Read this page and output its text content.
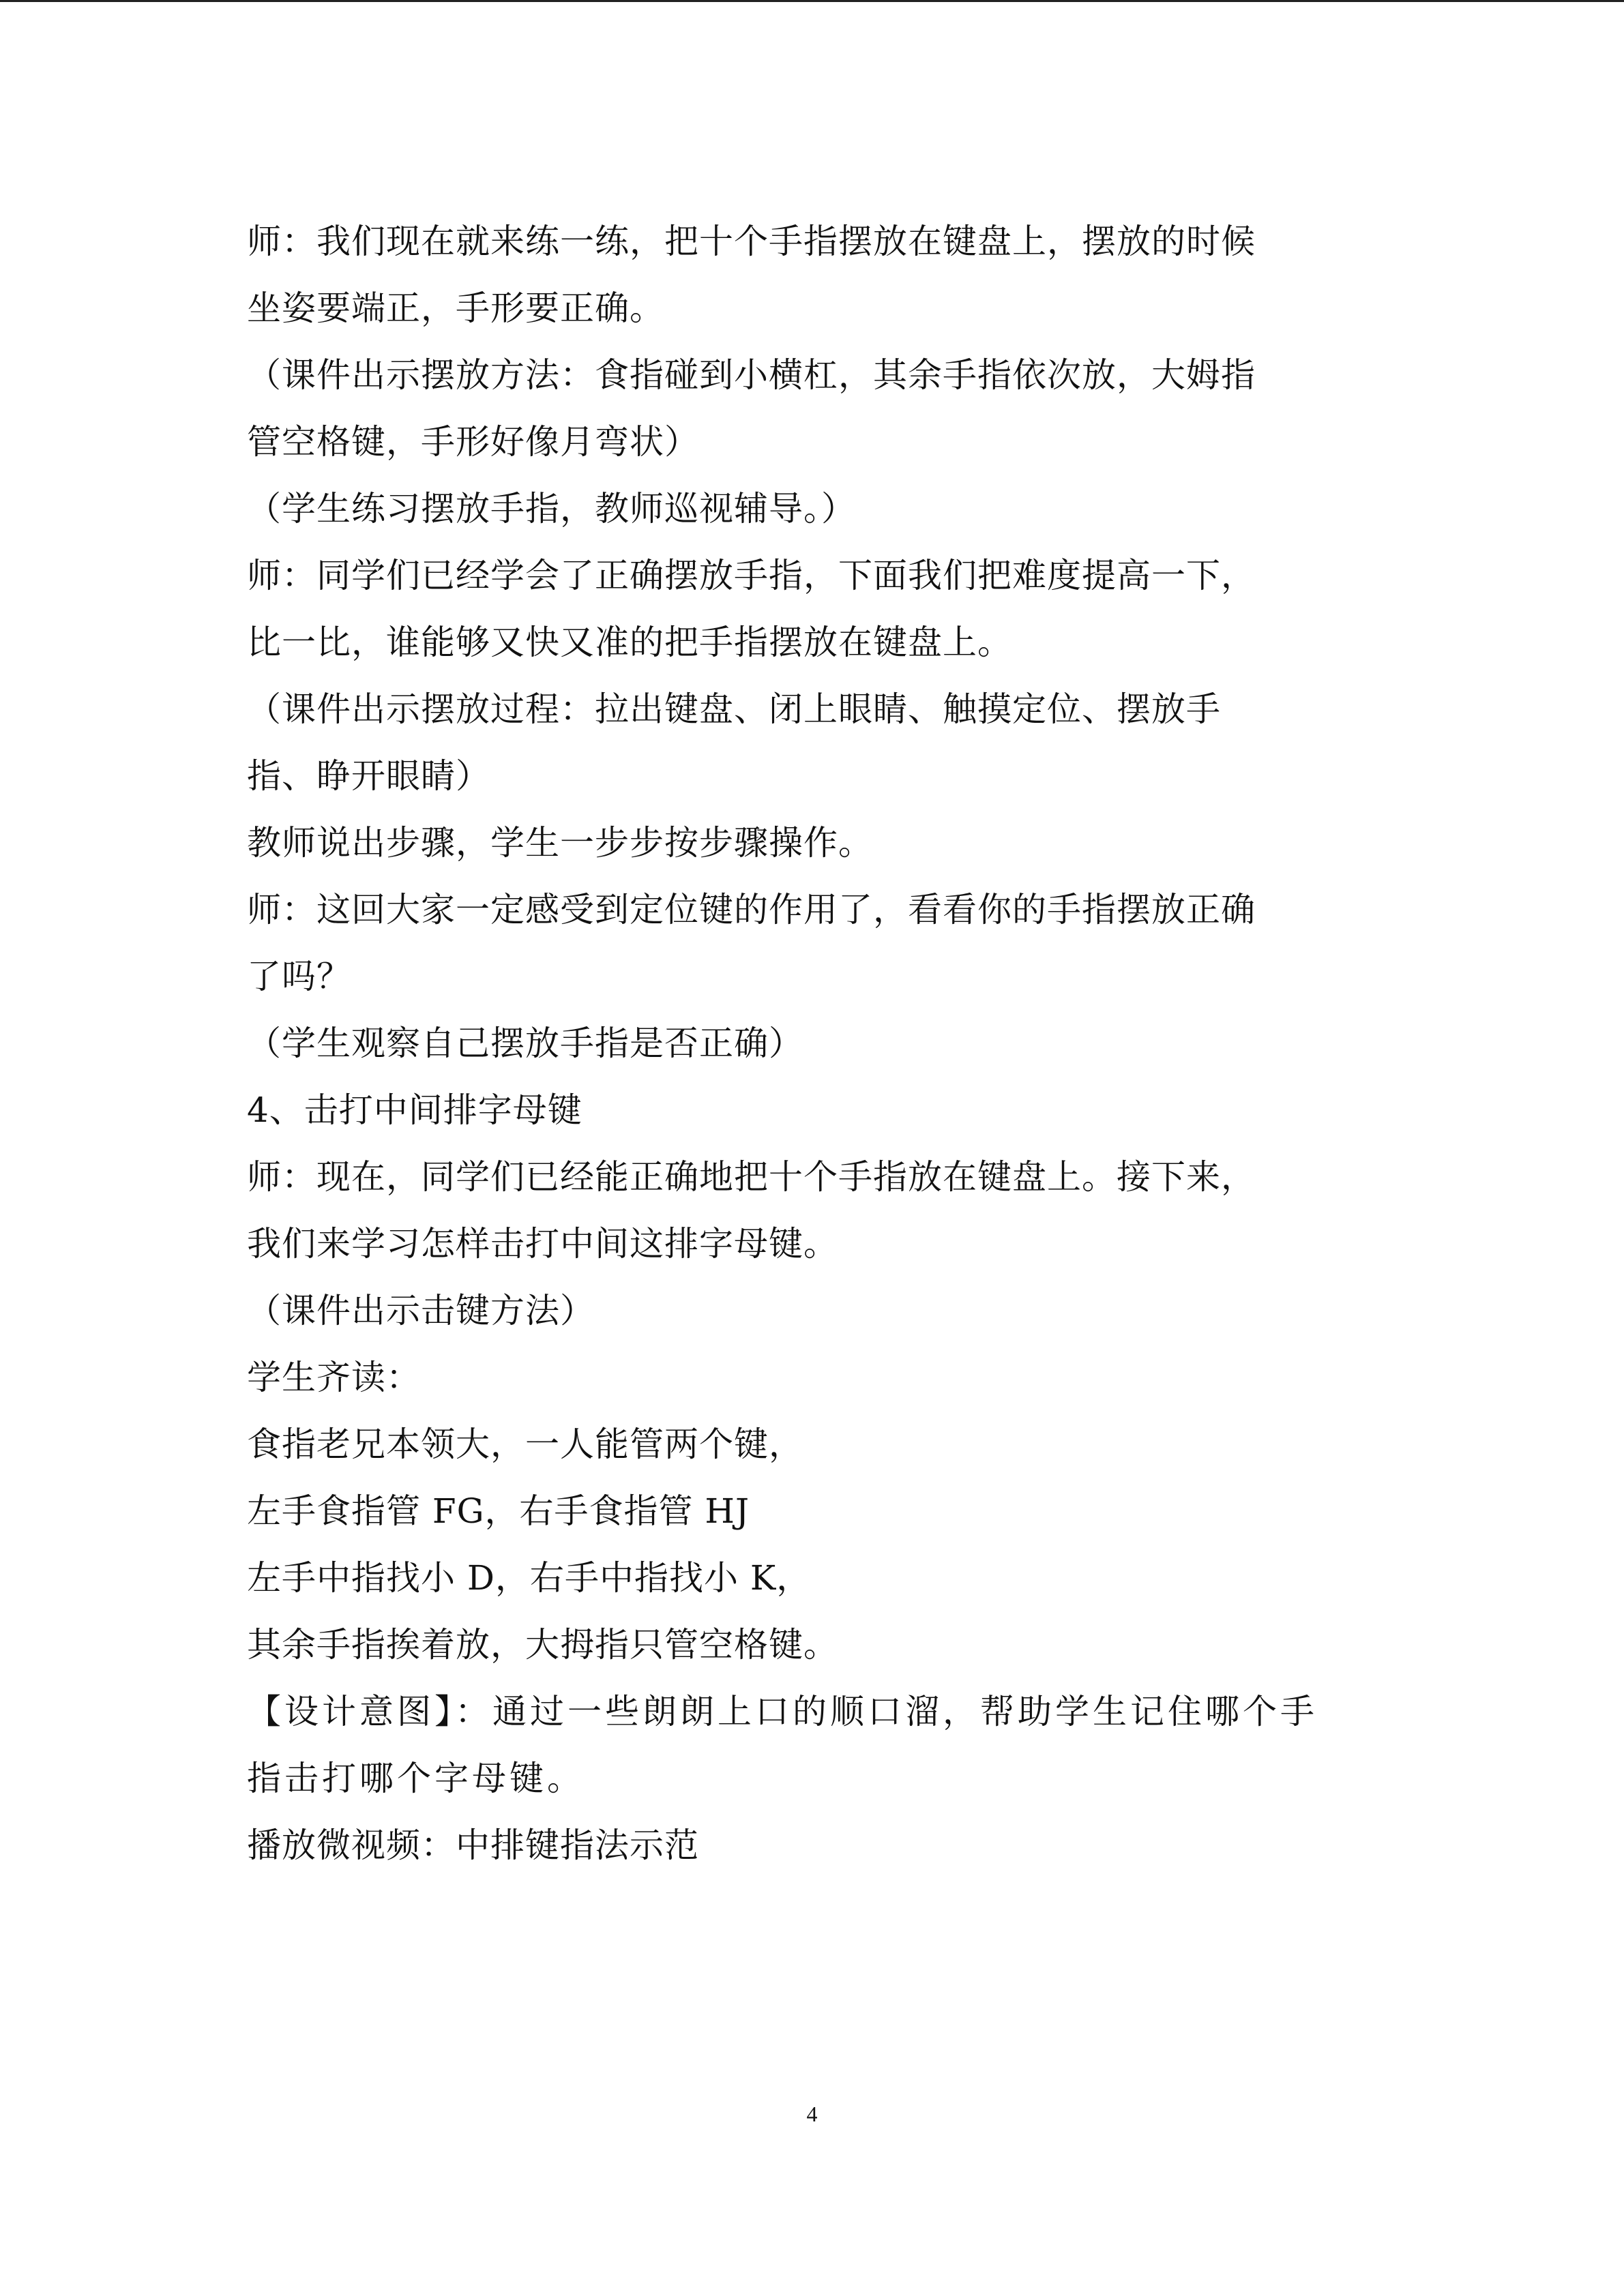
师：我们现在就来练一练，把十个手指摆放在键盘上，摆放的时候
坐姿要端正，手形要正确。
（课件出示摆放方法：食指碰到小横杠，其余手指依次放，大姆指
管空格键，手形好像月弯状）
（学生练习摆放手指，教师巡视辅导。）
师：同学们已经学会了正确摆放手指，下面我们把难度提高一下，
比一比，谁能够又快又准的把手指摆放在键盘上。
（课件出示摆放过程：拉出键盘、闭上眼睛、触摸定位、摆放手
指、睁开眼睛）
教师说出步骤，学生一步步按步骤操作。
师：这回大家一定感受到定位键的作用了，看看你的手指摆放正确
了吗？
（学生观察自己摆放手指是否正确）
4、击打中间排字母键
师：现在，同学们已经能正确地把十个手指放在键盘上。接下来，
我们来学习怎样击打中间这排字母键。
（课件出示击键方法）
学生齐读：
食指老兄本领大，一人能管两个键，
左手食指管 FG，右手食指管 HJ
左手中指找小 D，右手中指找小 K，
其余手指挨着放，大拇指只管空格键。
【设计意图】：通过一些朗朗上口的顺口溜，帮助学生记住哪个手
指击打哪个字母键。
播放微视频：中排键指法示范
4
